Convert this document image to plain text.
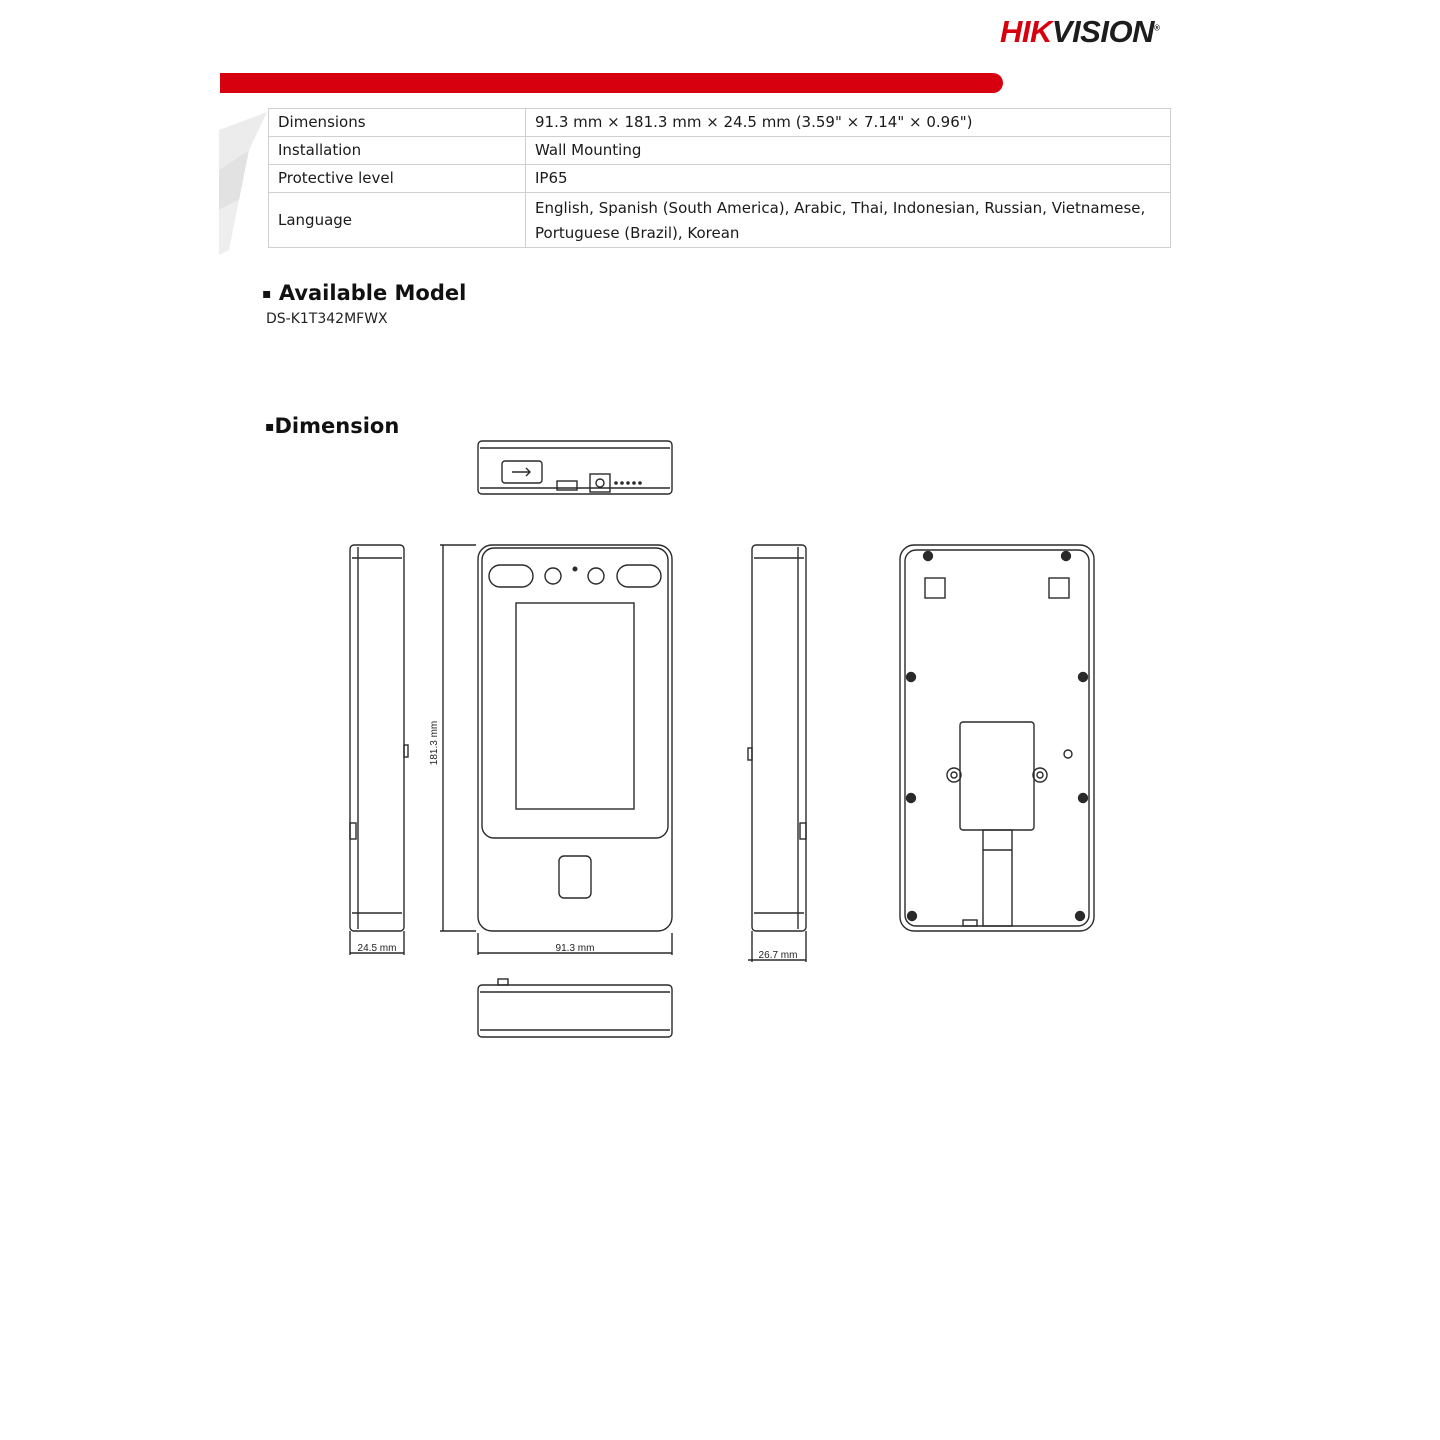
HIKVISION®
Dimensions	91.3 mm × 181.3 mm × 24.5 mm (3.59" × 7.14" × 0.96")
Installation	Wall Mounting
Protective level	IP65
Language	English, Spanish (South America), Arabic, Thai, Indonesian, Russian, Vietnamese,
Portuguese (Brazil), Korean
▪ Available Model
DS-K1T342MFWX
▪Dimension
181.3 mm
91.3 mm
24.5 mm
26.7 mm
